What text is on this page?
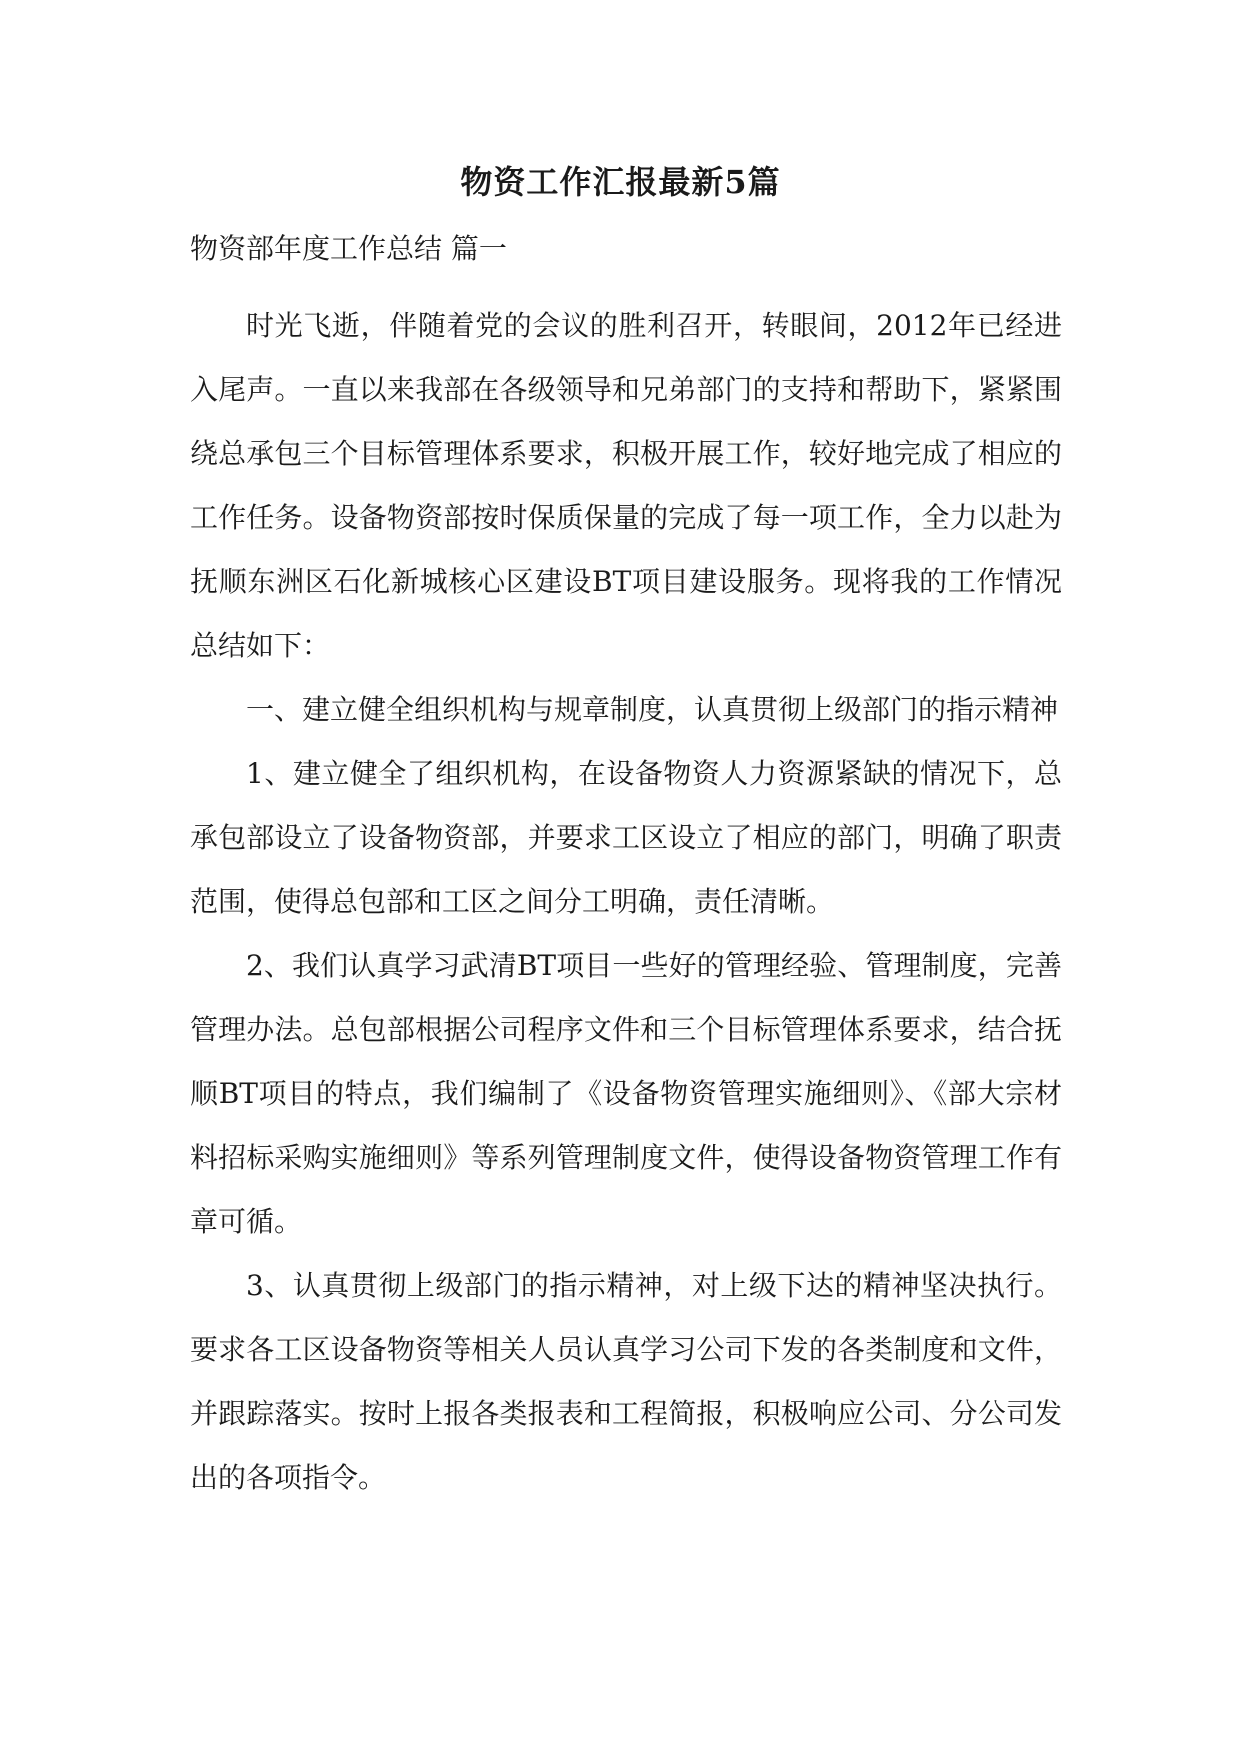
物资工作汇报最新5篇
物资部年度工作总结 篇一

时光飞逝，伴随着党的会议的胜利召开，转眼间，2012年已经进入尾声。一直以来我部在各级领导和兄弟部门的支持和帮助下，紧紧围绕总承包三个目标管理体系要求，积极开展工作，较好地完成了相应的工作任务。设备物资部按时保质保量的完成了每一项工作，全力以赴为抚顺东洲区石化新城核心区建设BT项目建设服务。现将我的工作情况总结如下：

一、建立健全组织机构与规章制度，认真贯彻上级部门的指示精神

1、建立健全了组织机构，在设备物资人力资源紧缺的情况下，总承包部设立了设备物资部，并要求工区设立了相应的部门，明确了职责范围，使得总包部和工区之间分工明确，责任清晰。

2、我们认真学习武清BT项目一些好的管理经验、管理制度，完善管理办法。总包部根据公司程序文件和三个目标管理体系要求，结合抚顺BT项目的特点，我们编制了《设备物资管理实施细则》、《部大宗材料招标采购实施细则》等系列管理制度文件，使得设备物资管理工作有章可循。

3、认真贯彻上级部门的指示精神，对上级下达的精神坚决执行。要求各工区设备物资等相关人员认真学习公司下发的各类制度和文件，并跟踪落实。按时上报各类报表和工程简报，积极响应公司、分公司发出的各项指令。
